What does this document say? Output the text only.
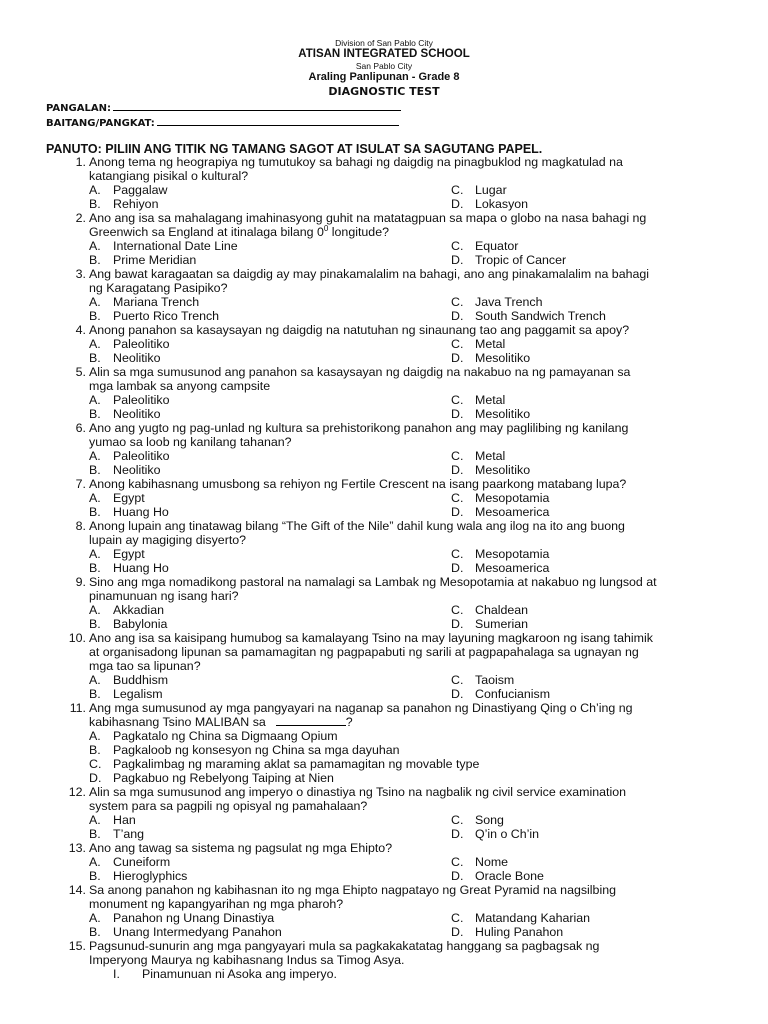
Division of San Pablo City
ATISAN INTEGRATED SCHOOL
San Pablo City
Araling Panlipunan - Grade 8
DIAGNOSTIC TEST
PANGALAN:
BAITANG/PANGKAT:
PANUTO: PILIIN ANG TITIK NG TAMANG SAGOT AT ISULAT SA SAGUTANG PAPEL.
1. Anong tema ng heograpiya ng tumutukoy sa bahagi ng daigdig na pinagbuklod ng magkatulad na
katangiang pisikal o kultural?
A. Paggalaw	C. Lugar
B. Rehiyon	D. Lokasyon
2. Ano ang isa sa mahalagang imahinasyong guhit na matatagpuan sa mapa o globo na nasa bahagi ng
Greenwich sa England at itinalaga bilang $0^0$ longitude?
A. International Date Line	C. Equator
B. Prime Meridian	D. Tropic of Cancer
3. Ang bawat karagaatan sa daigdig ay may pinakamalalim na bahagi, ano ang pinakamalalim na bahagi
ng Karagatang Pasipiko?
A. Mariana Trench	C. Java Trench
B. Puerto Rico Trench	D. South Sandwich Trench
4. Anong panahon sa kasaysayan ng daigdig na natutuhan ng sinaunang tao ang paggamit sa apoy?
A. Paleolitiko	C. Metal
B. Neolitiko	D. Mesolitiko
5. Alin sa mga sumusunod ang panahon sa kasaysayan ng daigdig na nakabuo na ng pamayanan sa
mga lambak sa anyong campsite
A. Paleolitiko	C. Metal
B. Neolitiko	D. Mesolitiko
6. Ano ang yugto ng pag-unlad ng kultura sa prehistorikong panahon ang may paglilibing ng kanilang
yumao sa loob ng kanilang tahanan?
A. Paleolitiko	C. Metal
B. Neolitiko	D. Mesolitiko
7. Anong kabihasnang umusbong sa rehiyon ng Fertile Crescent na isang paarkong matabang lupa?
A. Egypt	C. Mesopotamia
B. Huang Ho	D. Mesoamerica
8. Anong lupain ang tinatawag bilang “The Gift of the Nile” dahil kung wala ang ilog na ito ang buong
lupain ay magiging disyerto?
A. Egypt	C. Mesopotamia
B. Huang Ho	D. Mesoamerica
9. Sino ang mga nomadikong pastoral na namalagi sa Lambak ng Mesopotamia at nakabuo ng lungsod at
pinamunuan ng isang hari?
A. Akkadian	C. Chaldean
B. Babylonia	D. Sumerian
10. Ano ang isa sa kaisipang humubog sa kamalayang Tsino na may layuning magkaroon ng isang tahimik
at organisadong lipunan sa pamamagitan ng pagpapabuti ng sarili at pagpapahalaga sa ugnayan ng
mga tao sa lipunan?
A. Buddhism	C. Taoism
B. Legalism	D. Confucianism
11. Ang mga sumusunod ay mga pangyayari na naganap sa panahon ng Dinastiyang Qing o Ch’ing ng
kabihasnang Tsino MALIBAN sa	?
A. Pagkatalo ng China sa Digmaang Opium
B. Pagkaloob ng konsesyon ng China sa mga dayuhan
C. Pagkalimbag ng maraming aklat sa pamamagitan ng movable type
D. Pagkabuo ng Rebelyong Taiping at Nien
12. Alin sa mga sumusunod ang imperyo o dinastiya ng Tsino na nagbalik ng civil service examination
system para sa pagpili ng opisyal ng pamahalaan?
A. Han	C. Song
B. T’ang	D. Q’in o Ch’in
13. Ano ang tawag sa sistema ng pagsulat ng mga Ehipto?
A. Cuneiform	C. Nome
B. Hieroglyphics	D. Oracle Bone
14. Sa anong panahon ng kabihasnan ito ng mga Ehipto nagpatayo ng Great Pyramid na nagsilbing
monument ng kapangyarihan ng mga pharoh?
A. Panahon ng Unang Dinastiya	C. Matandang Kaharian
B. Unang Intermedyang Panahon	D. Huling Panahon
15. Pagsunud-sunurin ang mga pangyayari mula sa pagkakakatatag hanggang sa pagbagsak ng
Imperyong Maurya ng kabihasnang Indus sa Timog Asya.
I. Pinamunuan ni Asoka ang imperyo.
